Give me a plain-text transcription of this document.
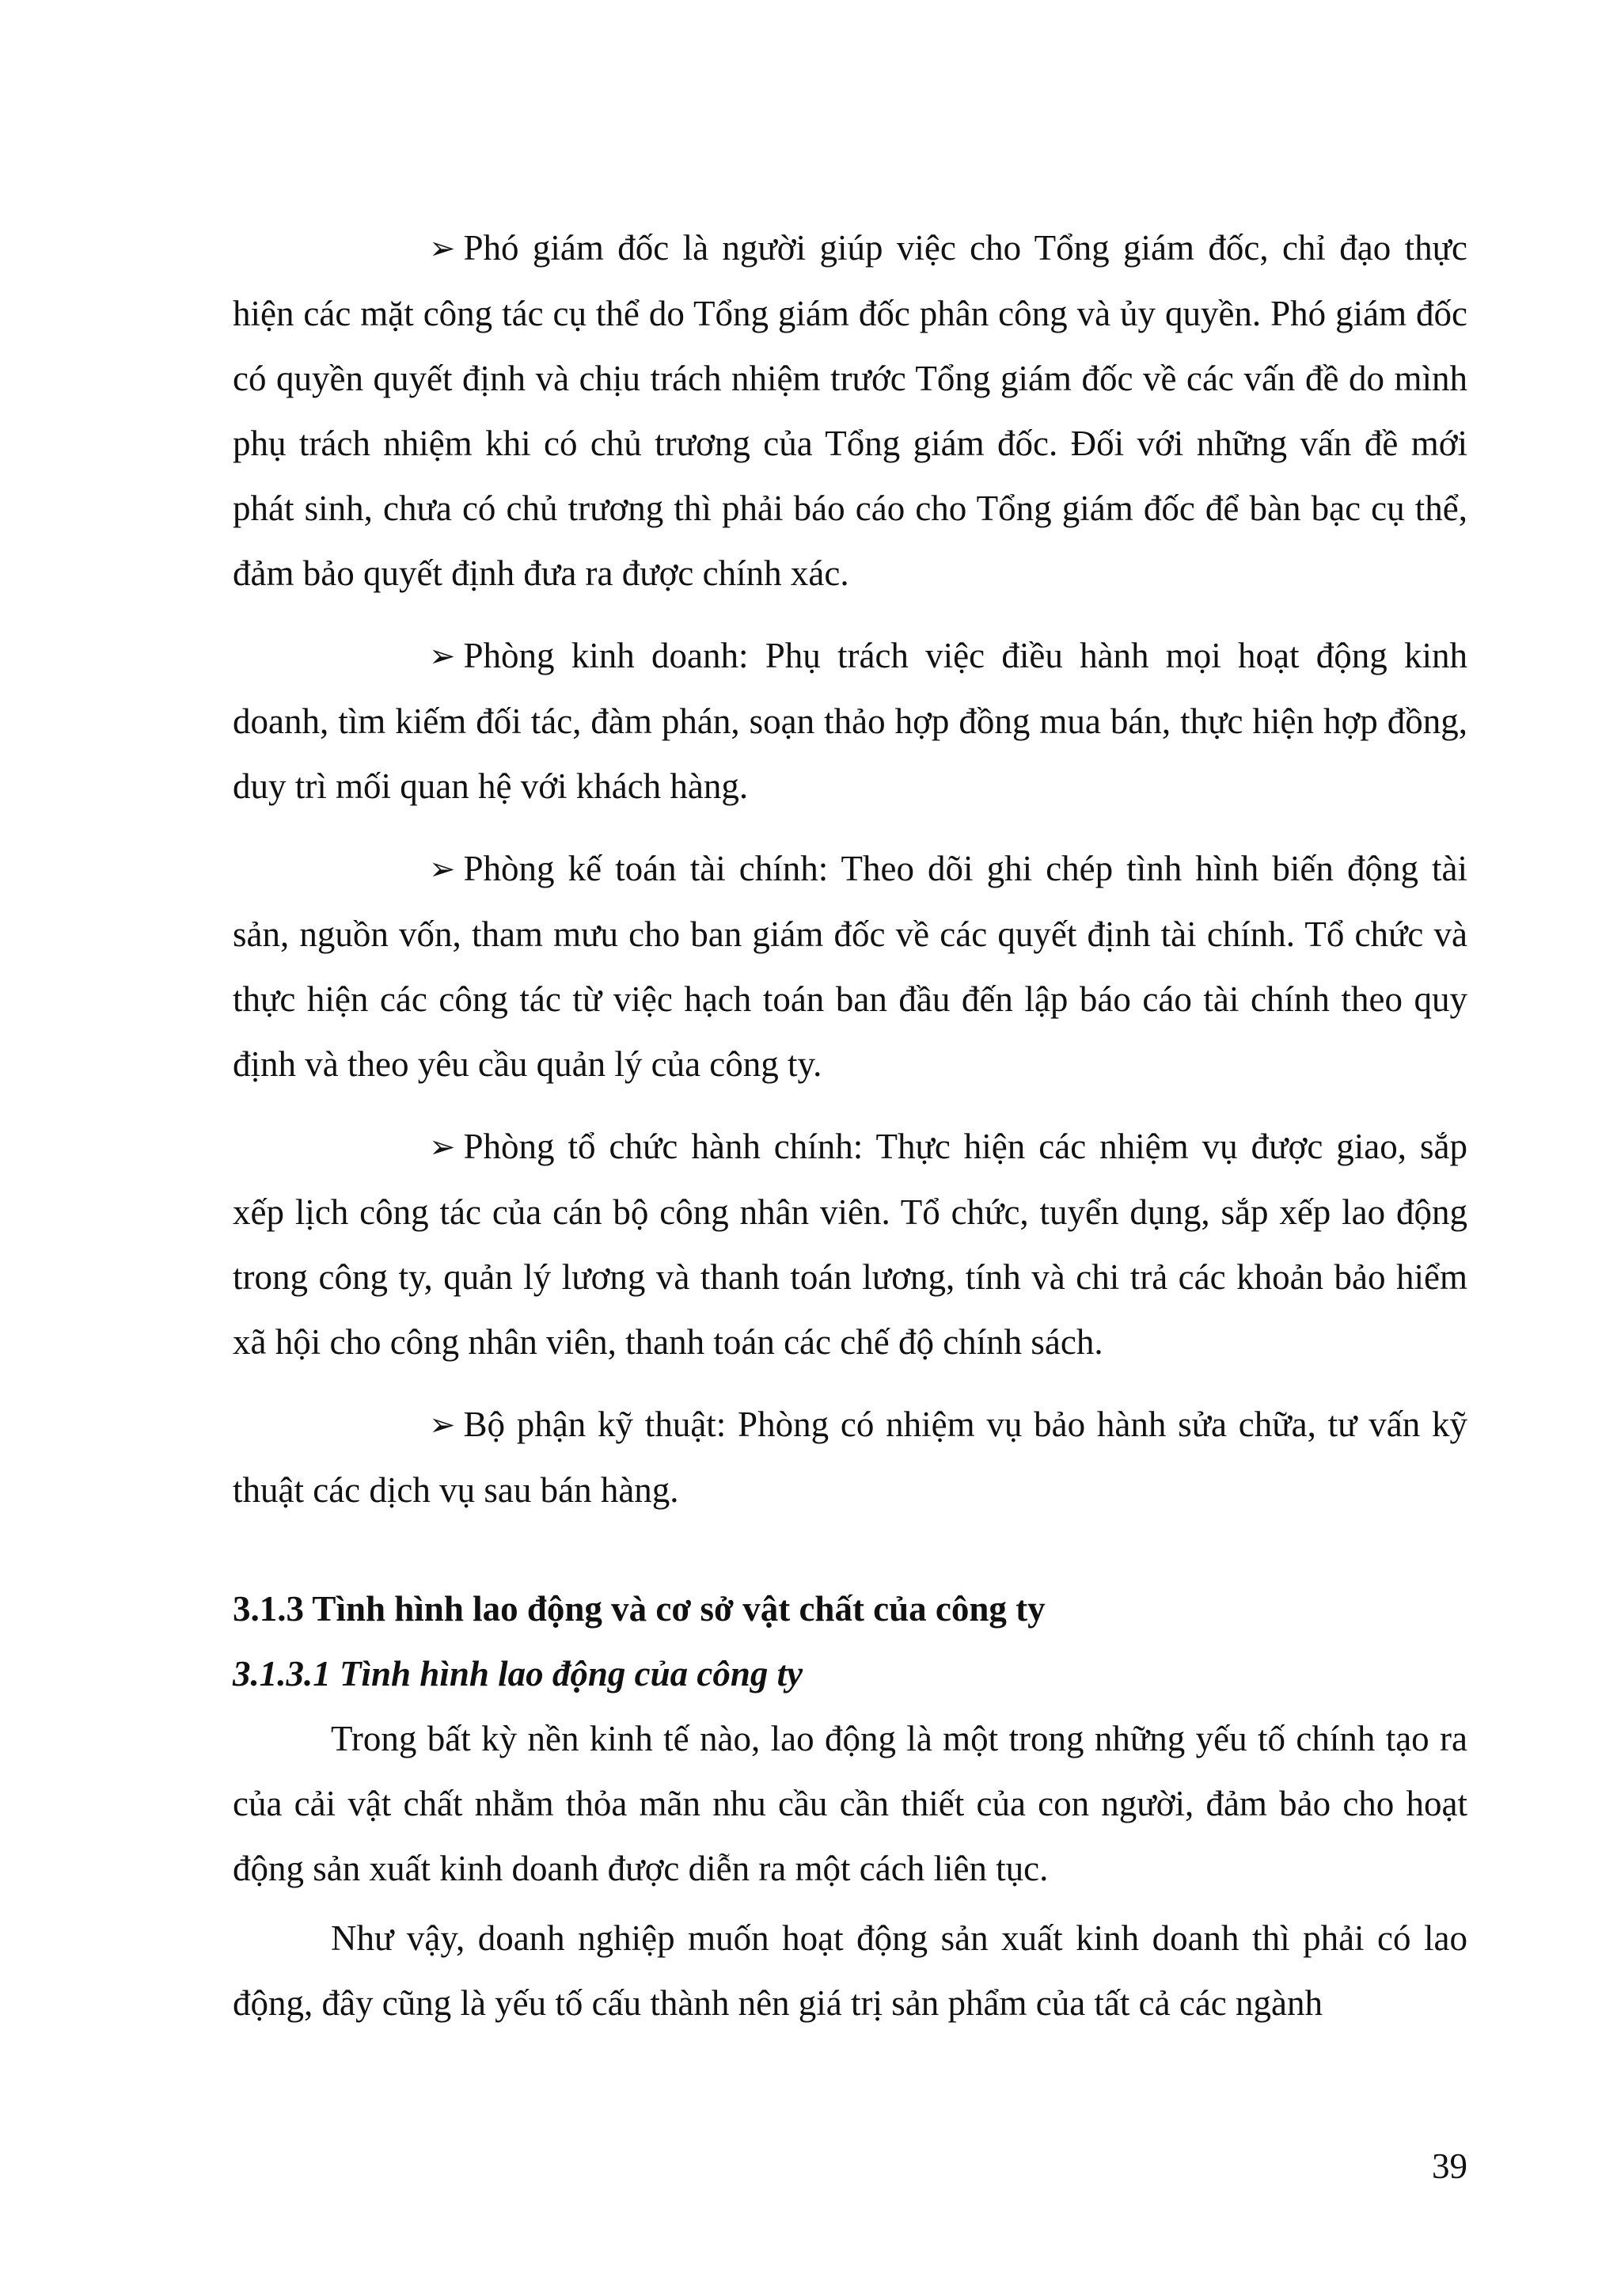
➢ Phó giám đốc là người giúp việc cho Tổng giám đốc, chỉ đạo thực hiện các mặt công tác cụ thể do Tổng giám đốc phân công và ủy quyền. Phó giám đốc có quyền quyết định và chịu trách nhiệm trước Tổng giám đốc về các vấn đề do mình phụ trách nhiệm khi có chủ trương của Tổng giám đốc. Đối với những vấn đề mới phát sinh, chưa có chủ trương thì phải báo cáo cho Tổng giám đốc để bàn bạc cụ thể, đảm bảo quyết định đưa ra được chính xác.

➢ Phòng kinh doanh: Phụ trách việc điều hành mọi hoạt động kinh doanh, tìm kiếm đối tác, đàm phán, soạn thảo hợp đồng mua bán, thực hiện hợp đồng, duy trì mối quan hệ với khách hàng.

➢ Phòng kế toán tài chính: Theo dõi ghi chép tình hình biến động tài sản, nguồn vốn, tham mưu cho ban giám đốc về các quyết định tài chính. Tổ chức và thực hiện các công tác từ việc hạch toán ban đầu đến lập báo cáo tài chính theo quy định và theo yêu cầu quản lý của công ty.

➢ Phòng tổ chức hành chính: Thực hiện các nhiệm vụ được giao, sắp xếp lịch công tác của cán bộ công nhân viên. Tổ chức, tuyển dụng, sắp xếp lao động trong công ty, quản lý lương và thanh toán lương, tính và chi trả các khoản bảo hiểm xã hội cho công nhân viên, thanh toán các chế độ chính sách.

➢ Bộ phận kỹ thuật: Phòng có nhiệm vụ bảo hành sửa chữa, tư vấn kỹ thuật các dịch vụ sau bán hàng.

3.1.3 Tình hình lao động và cơ sở vật chất của công ty
3.1.3.1 Tình hình lao động của công ty

Trong bất kỳ nền kinh tế nào, lao động là một trong những yếu tố chính tạo ra của cải vật chất nhằm thỏa mãn nhu cầu cần thiết của con người, đảm bảo cho hoạt động sản xuất kinh doanh được diễn ra một cách liên tục.

Như vậy, doanh nghiệp muốn hoạt động sản xuất kinh doanh thì phải có lao động, đây cũng là yếu tố cấu thành nên giá trị sản phẩm của tất cả các ngành

39
